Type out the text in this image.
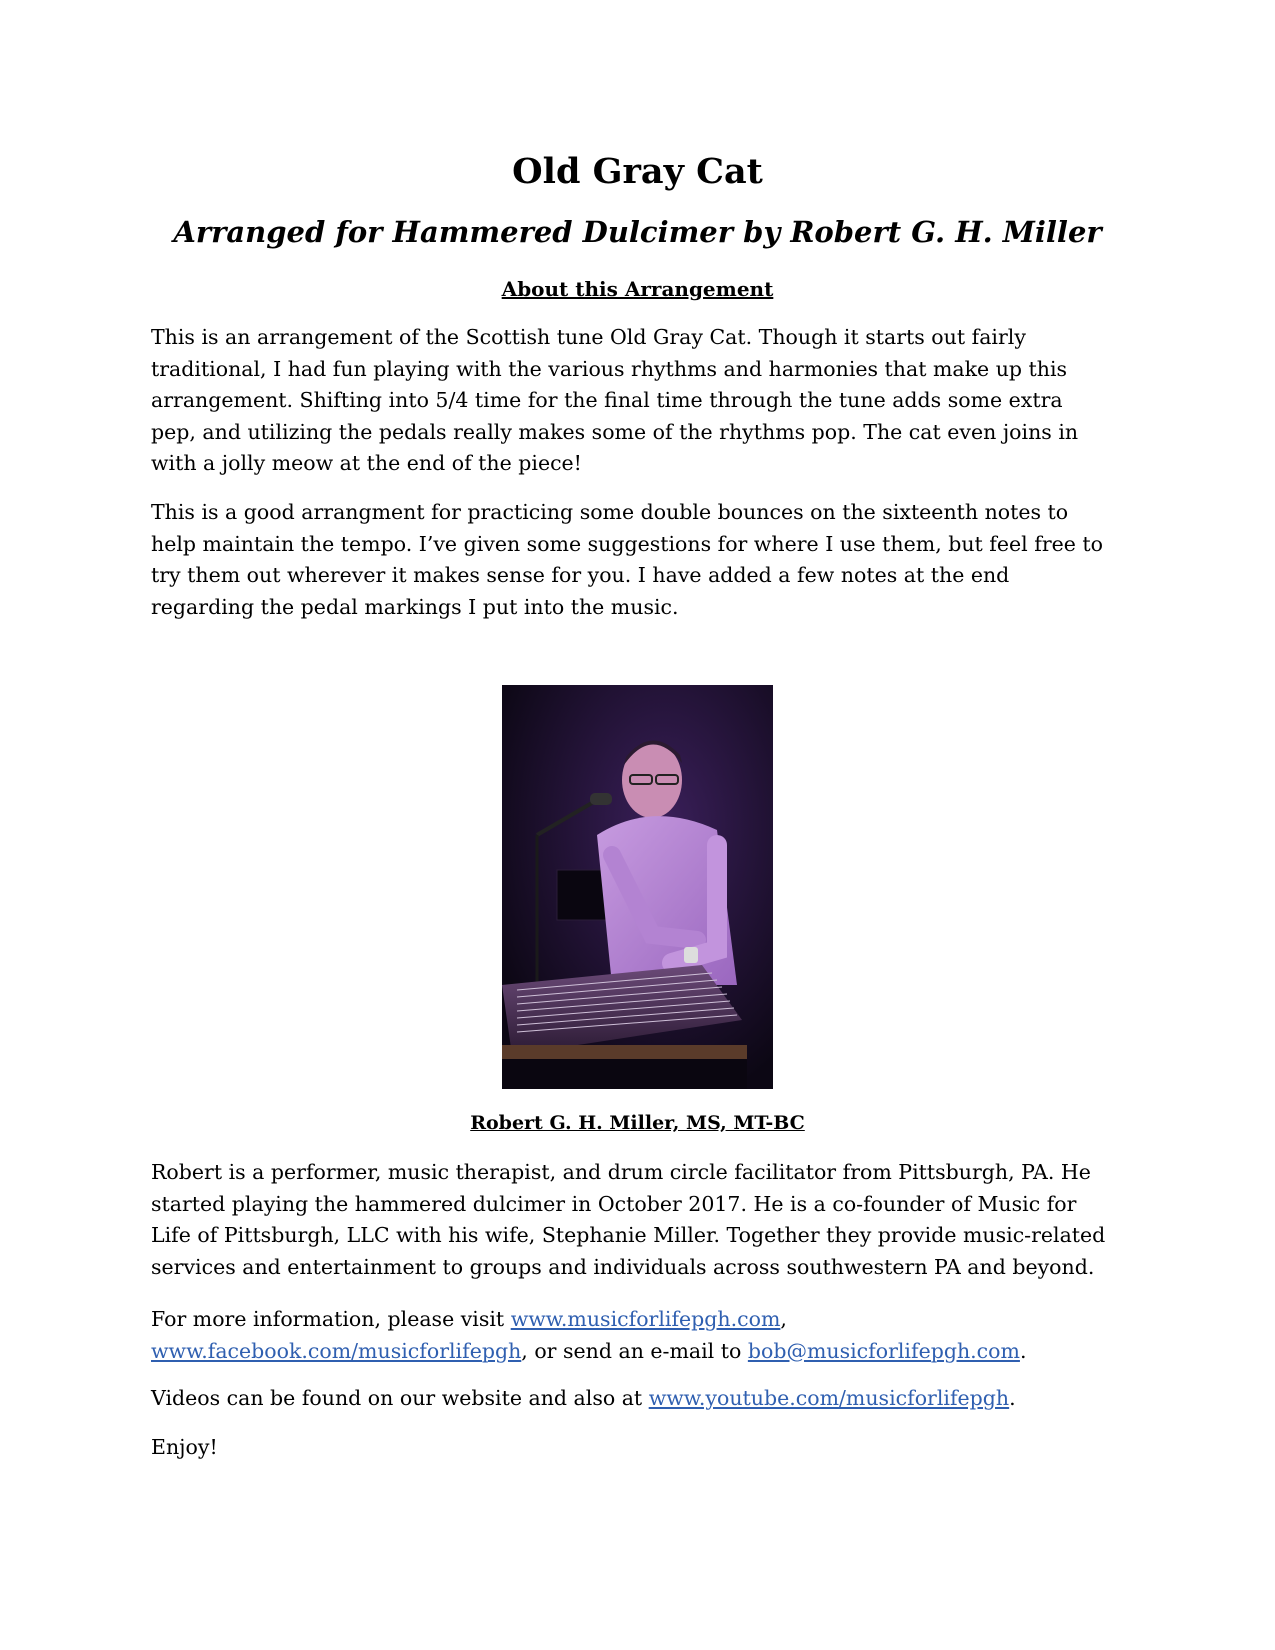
Old Gray Cat
Arranged for Hammered Dulcimer by Robert G. H. Miller
About this Arrangement

This is an arrangement of the Scottish tune Old Gray Cat. Though it starts out fairly
traditional, I had fun playing with the various rhythms and harmonies that make up this
arrangement. Shifting into 5/4 time for the final time through the tune adds some extra
pep, and utilizing the pedals really makes some of the rhythms pop. The cat even joins in
with a jolly meow at the end of the piece!

This is a good arrangment for practicing some double bounces on the sixteenth notes to
help maintain the tempo. I’ve given some suggestions for where I use them, but feel free to
try them out wherever it makes sense for you. I have added a few notes at the end
regarding the pedal markings I put into the music.

Robert G. H. Miller, MS, MT-BC

Robert is a performer, music therapist, and drum circle facilitator from Pittsburgh, PA. He
started playing the hammered dulcimer in October 2017. He is a co-founder of Music for
Life of Pittsburgh, LLC with his wife, Stephanie Miller. Together they provide music-related
services and entertainment to groups and individuals across southwestern PA and beyond.

For more information, please visit www.musicforlifepgh.com,
www.facebook.com/musicforlifepgh, or send an e-mail to bob@musicforlifepgh.com.

Videos can be found on our website and also at www.youtube.com/musicforlifepgh.

Enjoy!
